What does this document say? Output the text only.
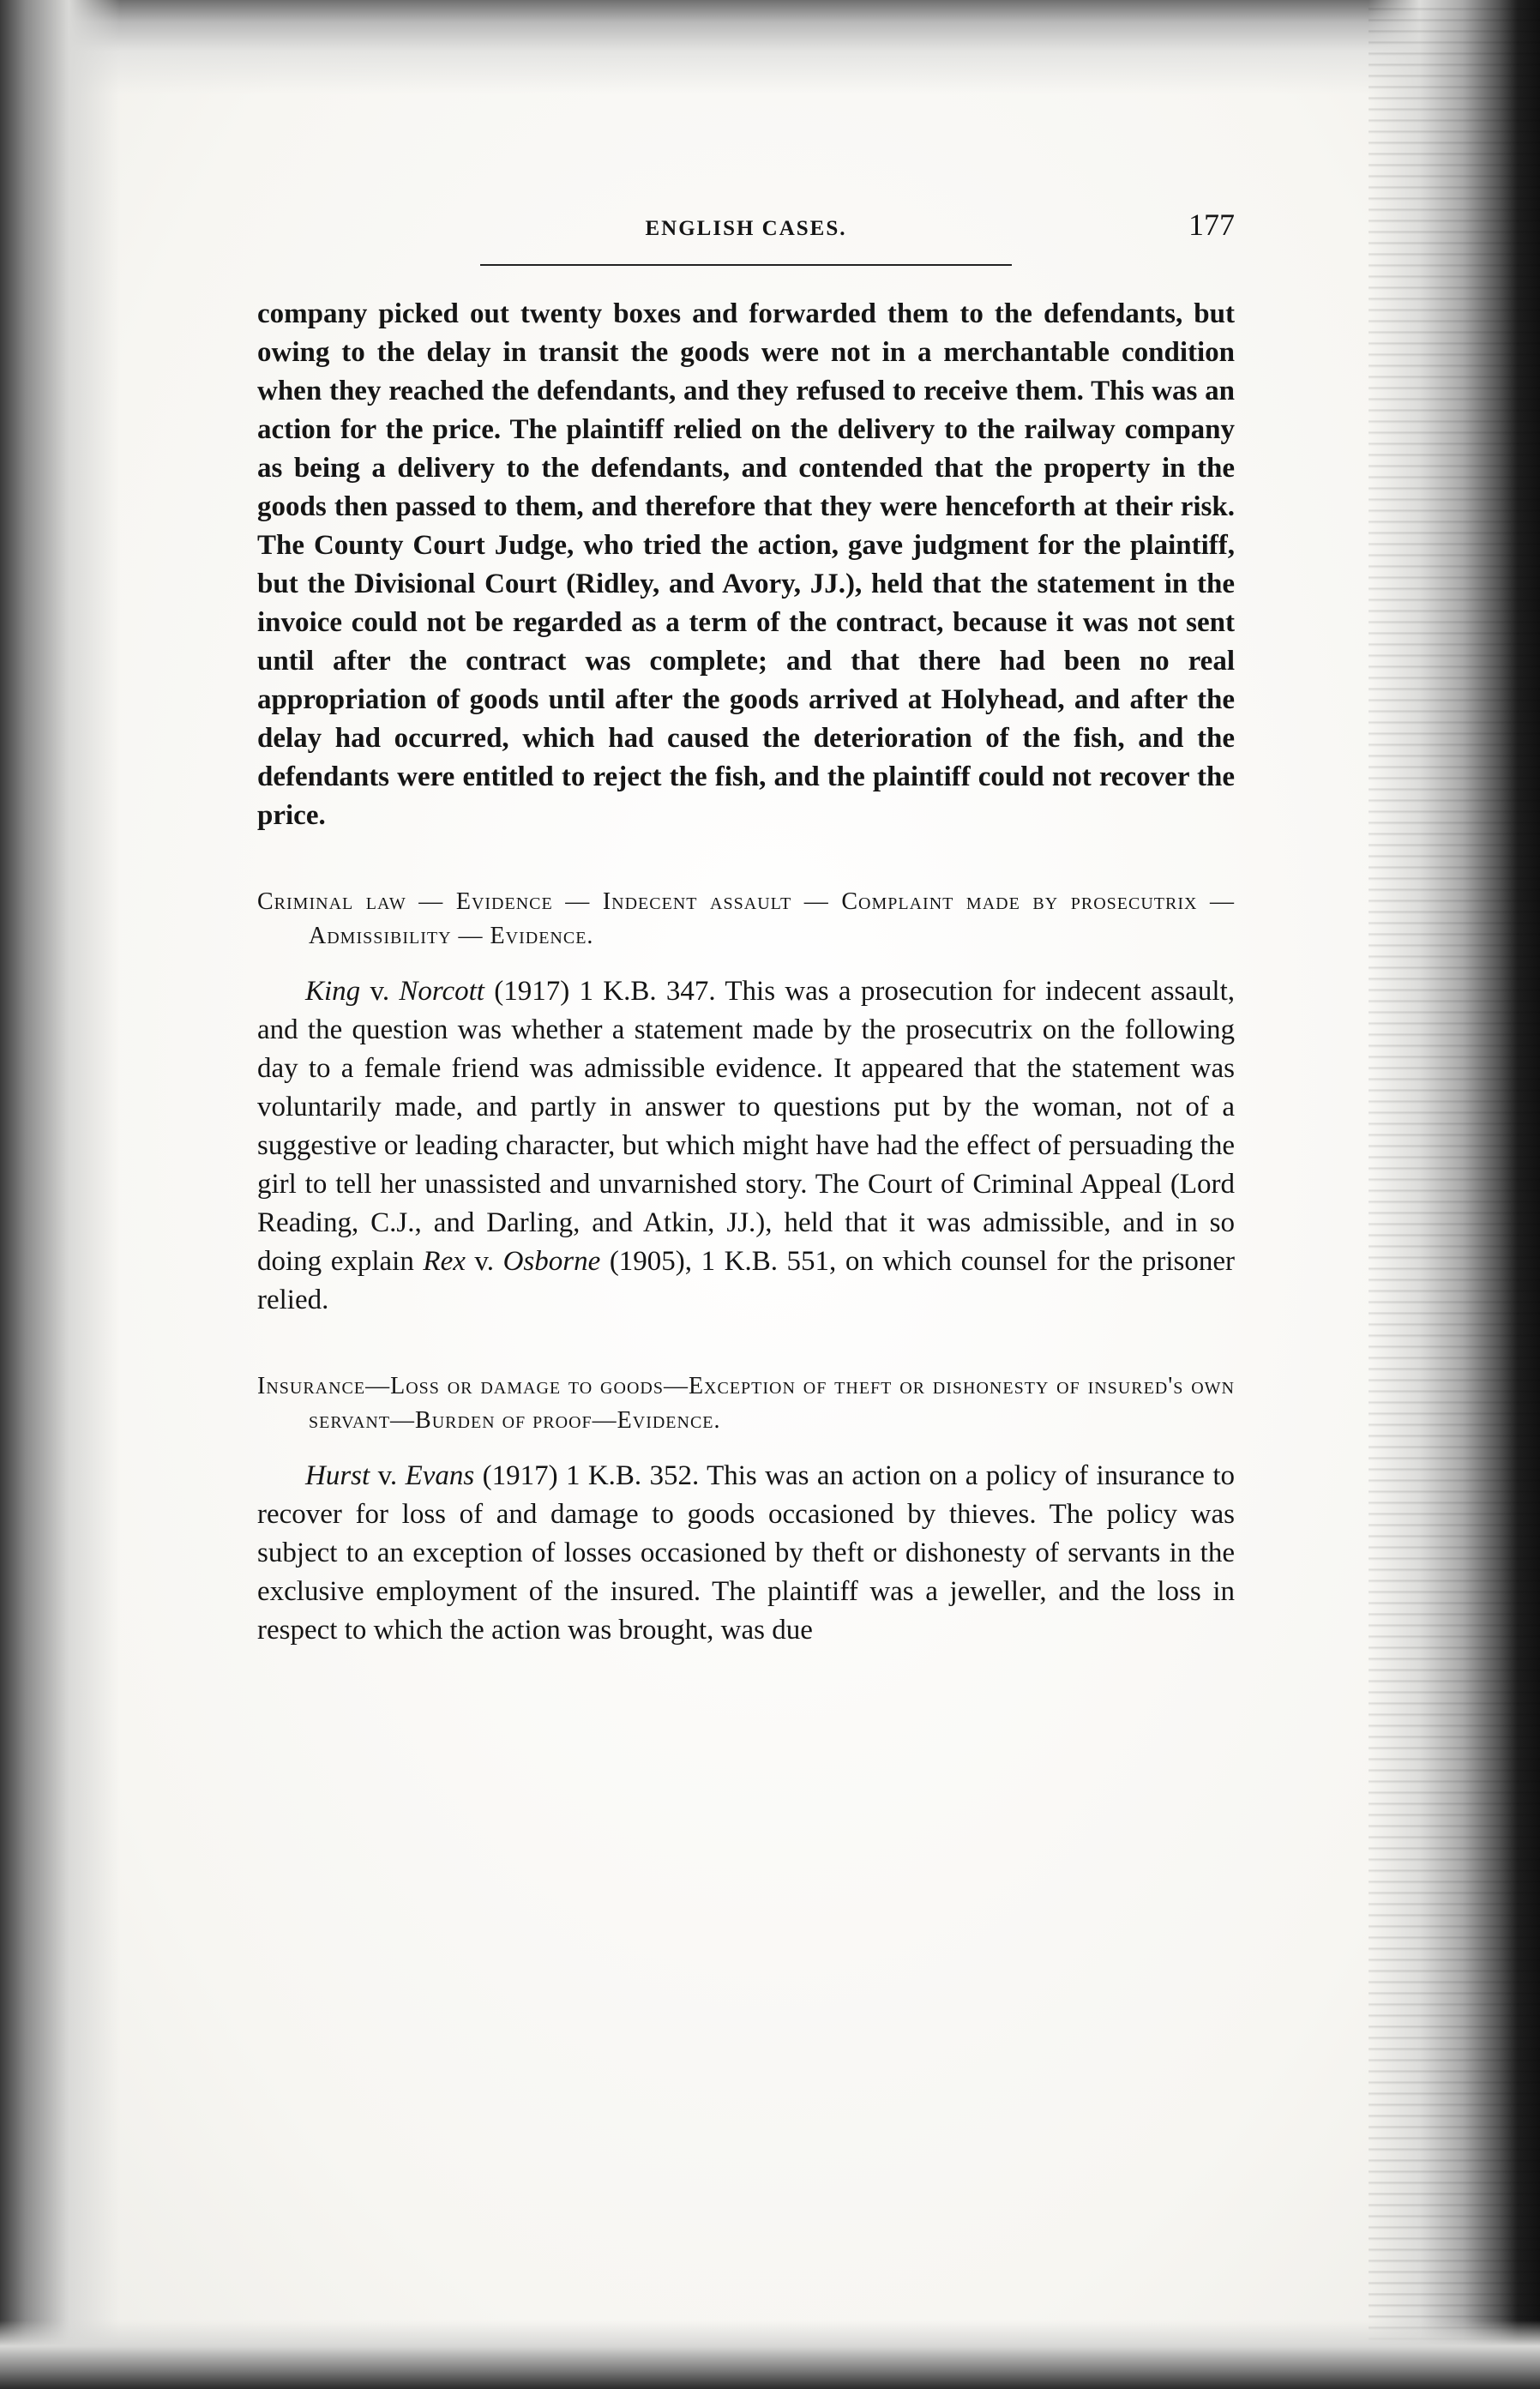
ENGLISH CASES.	177

company picked out twenty boxes and forwarded them to the defendants, but owing to the delay in transit the goods were not in a merchantable condition when they reached the defendants, and they refused to receive them. This was an action for the price. The plaintiff relied on the delivery to the railway company as being a delivery to the defendants, and contended that the property in the goods then passed to them, and therefore that they were henceforth at their risk. The County Court Judge, who tried the action, gave judgment for the plaintiff, but the Divisional Court (Ridley, and Avory, JJ.), held that the statement in the invoice could not be regarded as a term of the contract, because it was not sent until after the contract was complete; and that there had been no real appropriation of goods until after the goods arrived at Holyhead, and after the delay had occurred, which had caused the deterioration of the fish, and the defendants were entitled to reject the fish, and the plaintiff could not recover the price.

Criminal law — Evidence — Indecent assault — Complaint made by prosecutrix — Admissibility — Evidence.

King v. Norcott (1917) 1 K.B. 347. This was a prosecution for indecent assault, and the question was whether a statement made by the prosecutrix on the following day to a female friend was admissible evidence. It appeared that the statement was voluntarily made, and partly in answer to questions put by the woman, not of a suggestive or leading character, but which might have had the effect of persuading the girl to tell her unassisted and unvarnished story. The Court of Criminal Appeal (Lord Reading, C.J., and Darling, and Atkin, JJ.), held that it was admissible, and in so doing explain Rex v. Osborne (1905), 1 K.B. 551, on which counsel for the prisoner relied.

Insurance—Loss or damage to goods—Exception of theft or dishonesty of insured's own servant—Burden of proof—Evidence.

Hurst v. Evans (1917) 1 K.B. 352. This was an action on a policy of insurance to recover for loss of and damage to goods occasioned by thieves. The policy was subject to an exception of losses occasioned by theft or dishonesty of servants in the exclusive employment of the insured. The plaintiff was a jeweller, and the loss in respect to which the action was brought, was due
